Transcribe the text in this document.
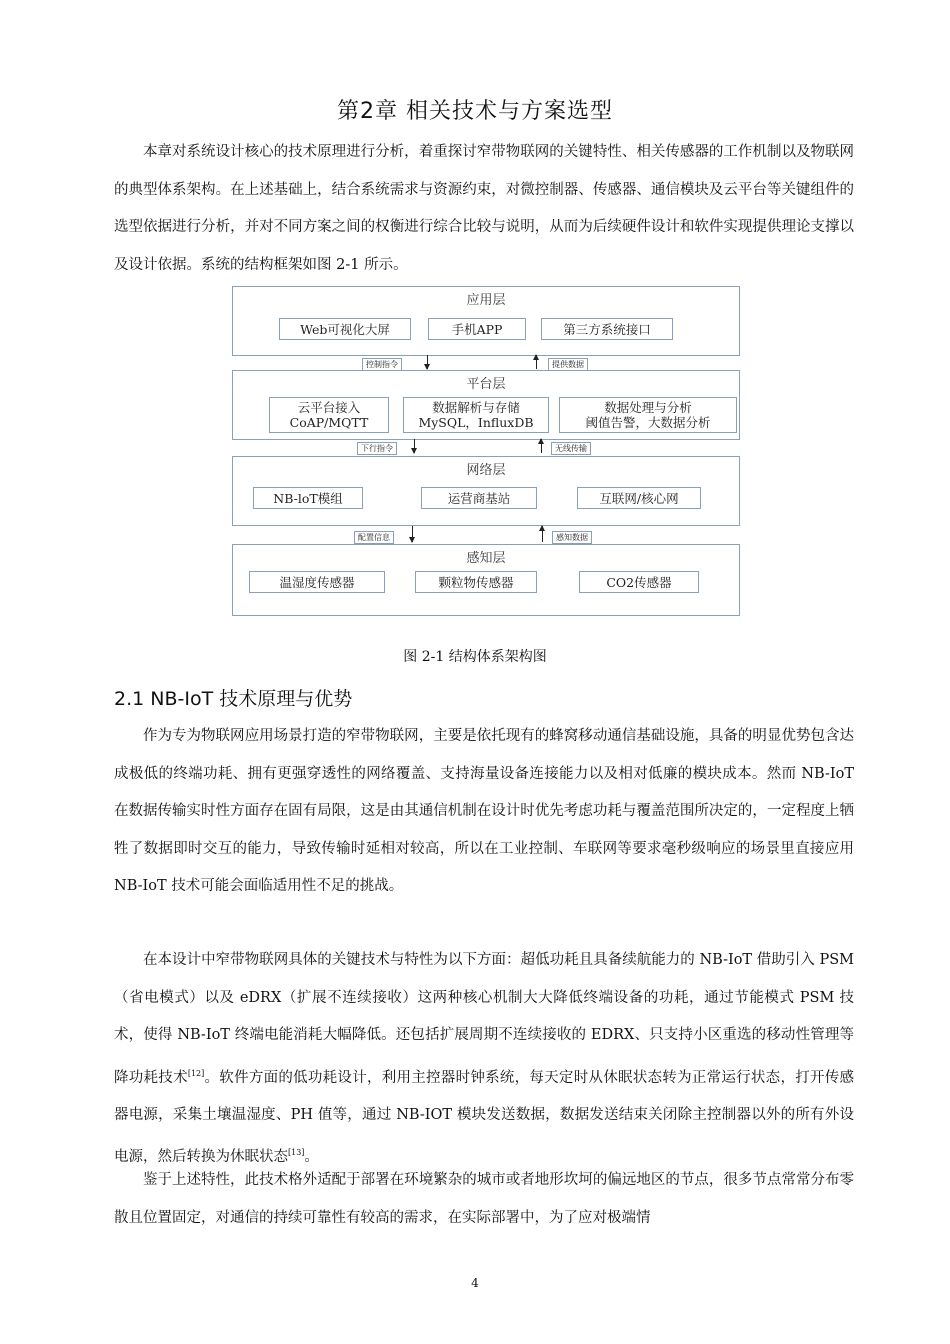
第2章 相关技术与方案选型

本章对系统设计核心的技术原理进行分析，着重探讨窄带物联网的关键特性、相关传感器的工作机制以及物联网的典型体系架构。在上述基础上，结合系统需求与资源约束，对微控制器、传感器、通信模块及云平台等关键组件的选型依据进行分析，并对不同方案之间的权衡进行综合比较与说明，从而为后续硬件设计和软件实现提供理论支撑以及设计依据。系统的结构框架如图 2-1 所示。

应用层
Web可视化大屏	手机APP	第三方系统接口
控制指令	提供数据
平台层
云平台接入
CoAP/MQTT
数据解析与存储
MySQL，InfluxDB
数据处理与分析
阈值告警，大数据分析
下行指令	无线传输
网络层
NB-loT模组	运营商基站	互联网/核心网
配置信息	感知数据
感知层
温湿度传感器	颗粒物传感器	CO2传感器
图 2-1 结构体系架构图
2.1 NB-IoT 技术原理与优势

作为专为物联网应用场景打造的窄带物联网，主要是依托现有的蜂窝移动通信基础设施，具备的明显优势包含达成极低的终端功耗、拥有更强穿透性的网络覆盖、支持海量设备连接能力以及相对低廉的模块成本。然而 NB-IoT 在数据传输实时性方面存在固有局限，这是由其通信机制在设计时优先考虑功耗与覆盖范围所决定的，一定程度上牺牲了数据即时交互的能力，导致传输时延相对较高，所以在工业控制、车联网等要求毫秒级响应的场景里直接应用 NB-IoT 技术可能会面临适用性不足的挑战。

在本设计中窄带物联网具体的关键技术与特性为以下方面：超低功耗且具备续航能力的 NB-IoT 借助引入 PSM（省电模式）以及 eDRX（扩展不连续接收）这两种核心机制大大降低终端设备的功耗，通过节能模式 PSM 技术，使得 NB-IoT 终端电能消耗大幅降低。还包括扩展周期不连续接收的 EDRX、只支持小区重选的移动性管理等降功耗技术[12]。软件方面的低功耗设计，利用主控器时钟系统，每天定时从休眠状态转为正常运行状态，打开传感器电源，采集土壤温湿度、PH 值等，通过 NB-IOT 模块发送数据，数据发送结束关闭除主控制器以外的所有外设电源，然后转换为休眠状态[13]。

鉴于上述特性，此技术格外适配于部署在环境繁杂的城市或者地形坎坷的偏远地区的节点，很多节点常常分布零散且位置固定，对通信的持续可靠性有较高的需求，在实际部署中，为了应对极端情

4
